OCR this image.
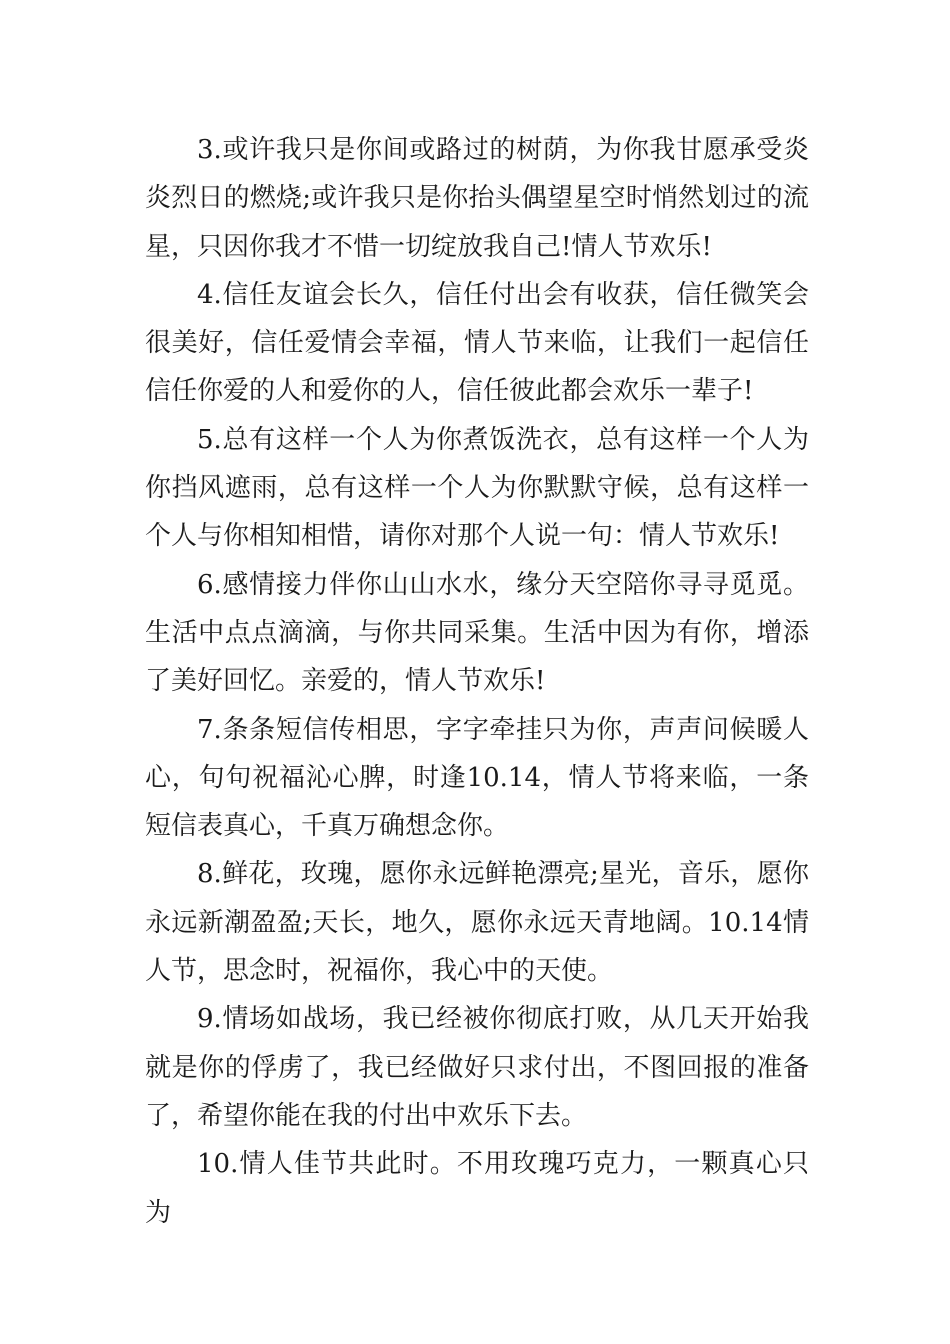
3.或许我只是你间或路过的树荫，为你我甘愿承受炎炎烈日的燃烧;或许我只是你抬头偶望星空时悄然划过的流星，只因你我才不惜一切绽放我自己!情人节欢乐!

4.信任友谊会长久，信任付出会有收获，信任微笑会很美好，信任爱情会幸福，情人节来临，让我们一起信任信任你爱的人和爱你的人，信任彼此都会欢乐一辈子!

5.总有这样一个人为你煮饭洗衣，总有这样一个人为你挡风遮雨，总有这样一个人为你默默守候，总有这样一个人与你相知相惜，请你对那个人说一句：情人节欢乐!

6.感情接力伴你山山水水，缘分天空陪你寻寻觅觅。生活中点点滴滴，与你共同采集。生活中因为有你，增添了美好回忆。亲爱的，情人节欢乐!

7.条条短信传相思，字字牵挂只为你，声声问候暖人心，句句祝福沁心脾，时逢10.14，情人节将来临，一条短信表真心，千真万确想念你。

8.鲜花，玫瑰，愿你永远鲜艳漂亮;星光，音乐，愿你永远新潮盈盈;天长，地久，愿你永远天青地阔。10.14情人节，思念时，祝福你，我心中的天使。

9.情场如战场，我已经被你彻底打败，从几天开始我就是你的俘虏了，我已经做好只求付出，不图回报的准备了，希望你能在我的付出中欢乐下去。

10.情人佳节共此时。不用玫瑰巧克力，一颗真心只为
